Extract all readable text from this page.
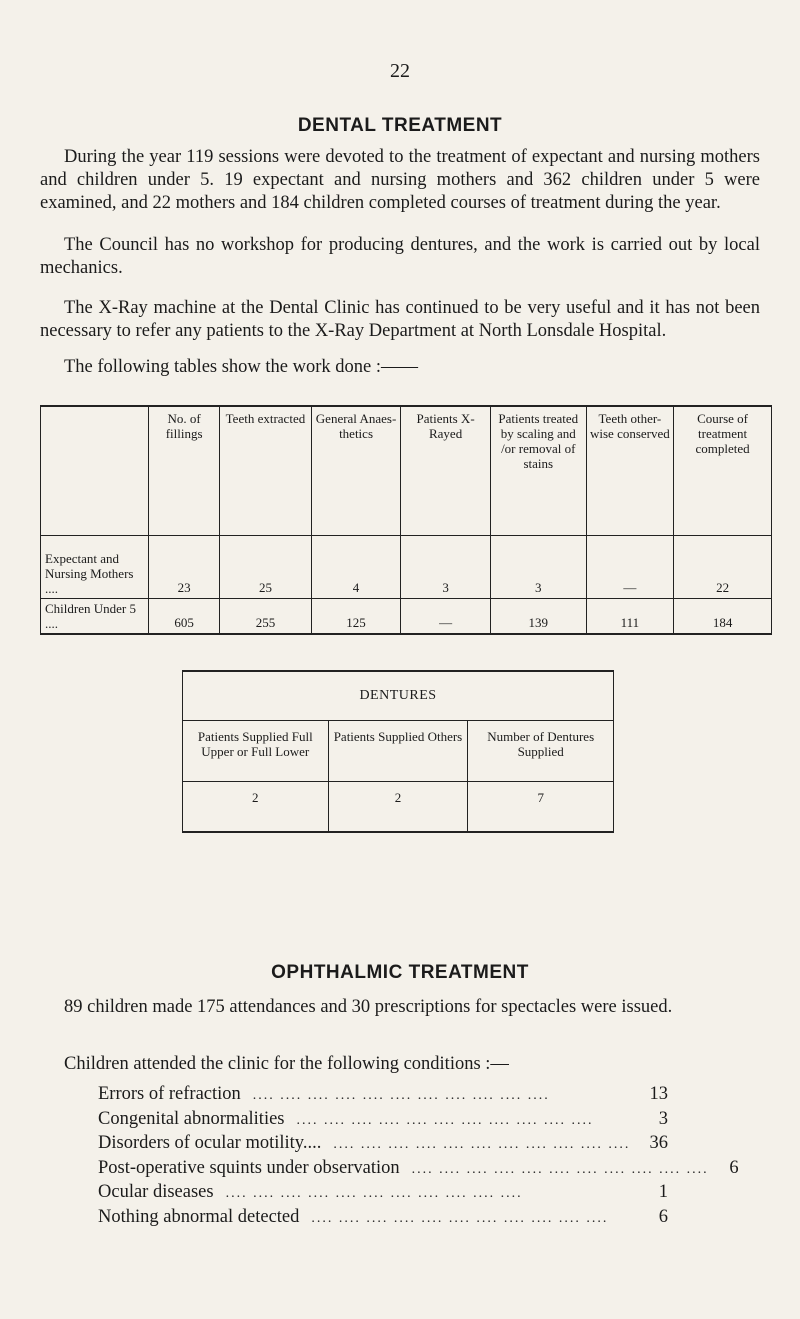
22
DENTAL TREATMENT

During the year 119 sessions were devoted to the treatment of expectant and nursing mothers and children under 5. 19 expectant and nursing mothers and 362 children under 5 were examined, and 22 mothers and 184 children completed courses of treatment during the year.

The Council has no workshop for producing dentures, and the work is carried out by local mechanics.

The X-Ray machine at the Dental Clinic has continued to be very useful and it has not been necessary to refer any patients to the X-Ray Department at North Lonsdale Hospital.

The following tables show the work done :——

	No. of fillings	Teeth extracted	General Anaes- thetics	Patients X-Rayed	Patients treated by scaling and /or removal of stains	Teeth other- wise conserved	Course of treatment completed
Expectant and Nursing Mothers ....	23	25	4	3	3	—	22
Children Under 5 ....	605	255	125	—	139	111	184
DENTURES		
Patients Supplied Full Upper or Full Lower	Patients Supplied Others	Number of Dentures Supplied
2	2	7
OPHTHALMIC TREATMENT

89 children made 175 attendances and 30 prescriptions for spectacles were issued.

Children attended the clinic for the following conditions :—

Errors of refraction .... .... .... .... .... .... .... .... .... .... ....	13
Congenital abnormalities .... .... .... .... .... .... .... .... .... .... ....	3
Disorders of ocular motility.... .... .... .... .... .... .... .... .... .... .... ....	36
Post-operative squints under observation .... .... .... .... .... .... .... .... .... .... ....	6
Ocular diseases .... .... .... .... .... .... .... .... .... .... ....	1
Nothing abnormal detected .... .... .... .... .... .... .... .... .... .... ....	6
